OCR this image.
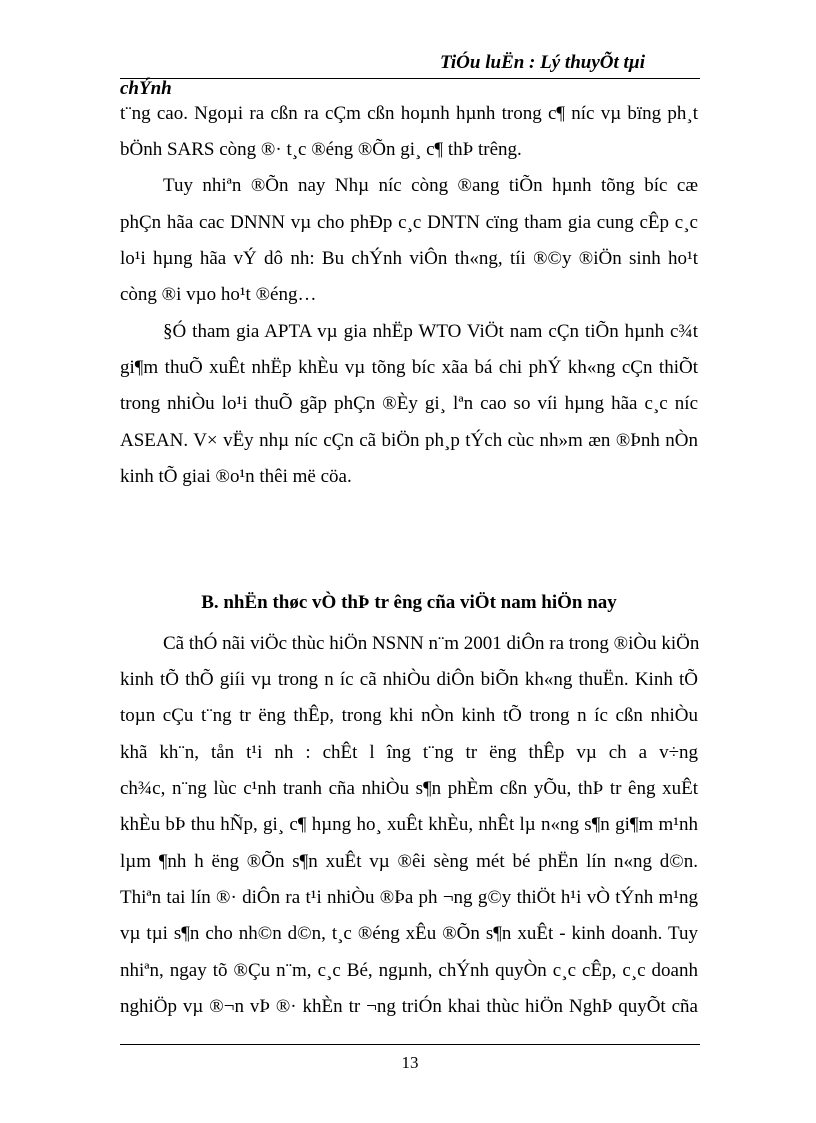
TiÓu luËn : Lý thuyÕt tµi
chÝnh
t¨ng cao. Ngoµi ra cßn ra cÇm cßn hoµnh hµnh trong c¶ níc vµ bïng ph¸t
bÖnh SARS còng ®· t¸c ®éng ®Õn gi¸ c¶ thÞ trêng.
Tuy nhiªn ®Õn nay Nhµ níc còng ®ang tiÕn hµnh tõng bíc cæ
phÇn hãa cac DNNN vµ cho phÐp c¸c DNTN cïng tham gia cung cÊp c¸c
lo¹i hµng hãa vÝ dô nh: Bu chÝnh viÔn th«ng, tíi ®©y ®iÖn sinh ho¹t
còng ®i vµo ho¹t ®éng…
§Ó tham gia APTA vµ gia nhËp WTO ViÖt nam cÇn tiÕn hµnh c¾t
gi¶m thuÕ xuÊt nhËp khÈu vµ tõng bíc xãa bá chi phÝ kh«ng cÇn thiÕt
trong nhiÒu lo¹i thuÕ gãp phÇn ®Èy gi¸ lªn cao so víi hµng hãa c¸c níc
ASEAN. V× vËy nhµ níc cÇn cã biÖn ph¸p tÝch cùc nh»m æn ®Þnh nÒn
kinh tÕ giai ®o¹n thêi më cöa.
B. nhËn thøc vÒ thÞ tr êng cña viÖt nam hiÖn nay
Cã thÓ nãi viÖc thùc hiÖn NSNN n¨m 2001 diÔn ra trong ®iÒu kiÖn
kinh tÕ thÕ giíi vµ trong n íc cã nhiÒu diÔn biÕn kh«ng thuËn. Kinh tÕ
toµn cÇu t¨ng tr ëng thÊp, trong khi nÒn kinh tÕ trong n íc cßn nhiÒu
khã kh¨n, tån t¹i nh : chÊt l îng t¨ng tr ëng thÊp vµ ch a v÷ng
ch¾c, n¨ng lùc c¹nh tranh cña nhiÒu s¶n phÈm cßn yÕu, thÞ tr êng xuÊt
khÈu bÞ thu hÑp, gi¸ c¶ hµng ho¸ xuÊt khÈu, nhÊt lµ n«ng s¶n gi¶m m¹nh
lµm ¶nh h ëng ®Õn s¶n xuÊt vµ ®êi sèng mét bé phËn lín n«ng d©n.
Thiªn tai lín ®· diÔn ra t¹i nhiÒu ®Þa ph ¬ng g©y thiÖt h¹i vÒ tÝnh m¹ng
vµ tµi s¶n cho nh©n d©n, t¸c ®éng xÊu ®Õn s¶n xuÊt - kinh doanh. Tuy
nhiªn, ngay tõ ®Çu n¨m, c¸c Bé, ngµnh, chÝnh quyÒn c¸c cÊp, c¸c doanh
nghiÖp vµ ®¬n vÞ ®· khÈn tr ¬ng triÓn khai thùc hiÖn NghÞ quyÕt cña
13
